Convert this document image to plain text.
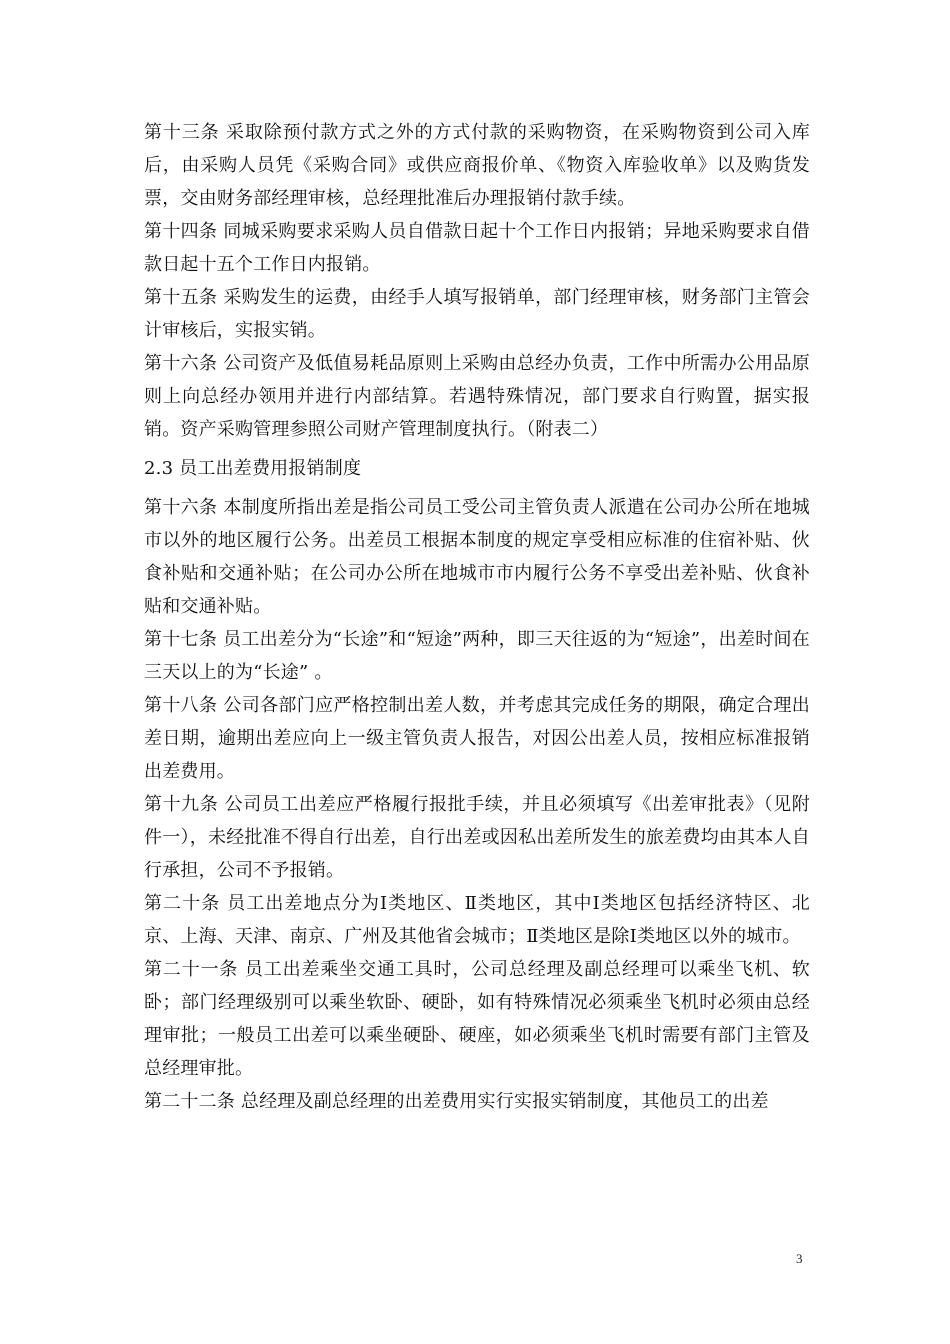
第十三条 采取除预付款方式之外的方式付款的采购物资，在采购物资到公司入库后，由采购人员凭《采购合同》或供应商报价单、《物资入库验收单》以及购货发票，交由财务部经理审核，总经理批准后办理报销付款手续。

第十四条 同城采购要求采购人员自借款日起十个工作日内报销；异地采购要求自借款日起十五个工作日内报销。

第十五条 采购发生的运费，由经手人填写报销单，部门经理审核，财务部门主管会计审核后，实报实销。

第十六条 公司资产及低值易耗品原则上采购由总经办负责，工作中所需办公用品原则上向总经办领用并进行内部结算。若遇特殊情况，部门要求自行购置，据实报销。资产采购管理参照公司财产管理制度执行。（附表二）

2.3 员工出差费用报销制度

第十六条 本制度所指出差是指公司员工受公司主管负责人派遣在公司办公所在地城市以外的地区履行公务。出差员工根据本制度的规定享受相应标准的住宿补贴、伙食补贴和交通补贴；在公司办公所在地城市市内履行公务不享受出差补贴、伙食补贴和交通补贴。

第十七条 员工出差分为“长途”和“短途”两种，即三天往返的为“短途”，出差时间在三天以上的为“长途” 。

第十八条 公司各部门应严格控制出差人数，并考虑其完成任务的期限，确定合理出差日期，逾期出差应向上一级主管负责人报告，对因公出差人员，按相应标准报销出差费用。

第十九条 公司员工出差应严格履行报批手续，并且必须填写《出差审批表》（见附件一），未经批准不得自行出差，自行出差或因私出差所发生的旅差费均由其本人自行承担，公司不予报销。

第二十条 员工出差地点分为Ⅰ类地区、Ⅱ类地区，其中Ⅰ类地区包括经济特区、北京、上海、天津、南京、广州及其他省会城市；Ⅱ类地区是除Ⅰ类地区以外的城市。

第二十一条 员工出差乘坐交通工具时，公司总经理及副总经理可以乘坐飞机、软卧；部门经理级别可以乘坐软卧、硬卧，如有特殊情况必须乘坐飞机时必须由总经理审批；一般员工出差可以乘坐硬卧、硬座，如必须乘坐飞机时需要有部门主管及总经理审批。

第二十二条 总经理及副总经理的出差费用实行实报实销制度，其他员工的出差

3
